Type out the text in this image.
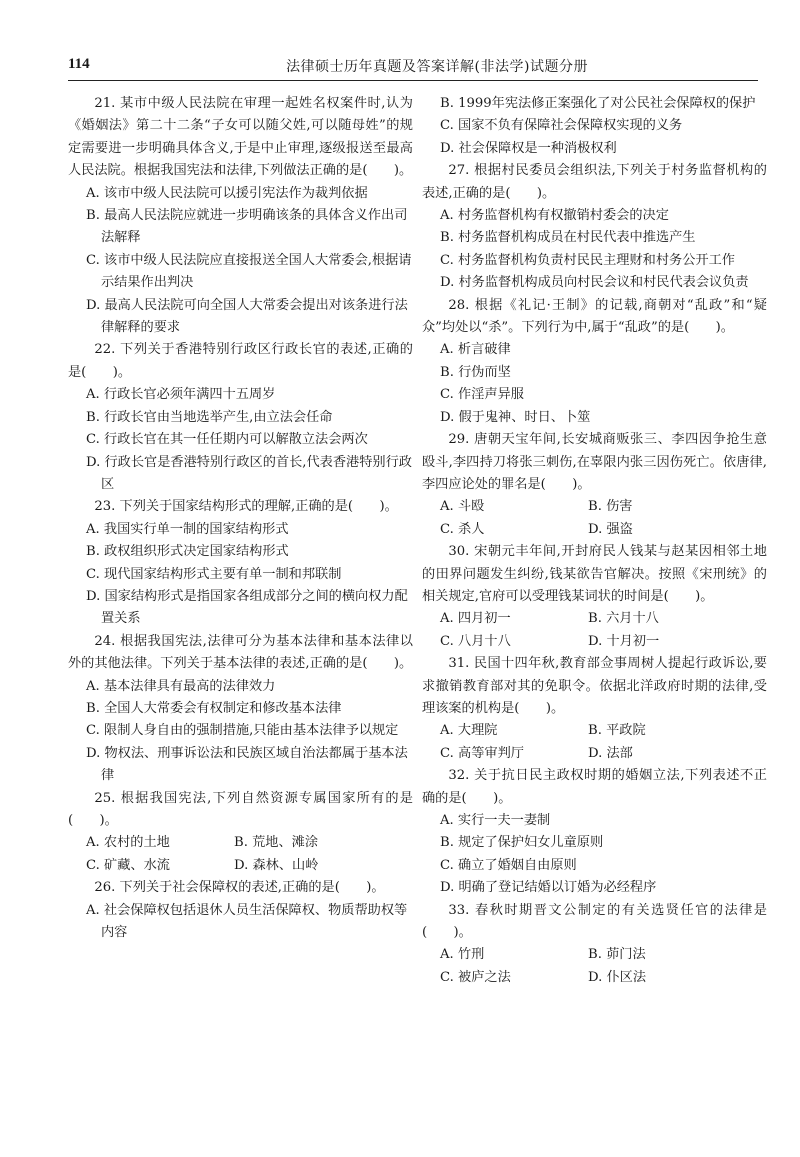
114	法律硕士历年真题及答案详解(非法学)试题分册

21. 某市中级人民法院在审理一起姓名权案件时,认为《婚姻法》第二十二条“子女可以随父姓,可以随母姓”的规定需要进一步明确具体含义,于是中止审理,逐级报送至最高人民法院。根据我国宪法和法律,下列做法正确的是(　　)。

A. 该市中级人民法院可以援引宪法作为裁判依据

B. 最高人民法院应就进一步明确该条的具体含义作出司法解释

C. 该市中级人民法院应直接报送全国人大常委会,根据请示结果作出判决

D. 最高人民法院可向全国人大常委会提出对该条进行法律解释的要求

22. 下列关于香港特别行政区行政长官的表述,正确的是(　　)。

A. 行政长官必须年满四十五周岁

B. 行政长官由当地选举产生,由立法会任命

C. 行政长官在其一任任期内可以解散立法会两次

D. 行政长官是香港特别行政区的首长,代表香港特别行政区

23. 下列关于国家结构形式的理解,正确的是(　　)。

A. 我国实行单一制的国家结构形式

B. 政权组织形式决定国家结构形式

C. 现代国家结构形式主要有单一制和邦联制

D. 国家结构形式是指国家各组成部分之间的横向权力配置关系

24. 根据我国宪法,法律可分为基本法律和基本法律以外的其他法律。下列关于基本法律的表述,正确的是(　　)。

A. 基本法律具有最高的法律效力

B. 全国人大常委会有权制定和修改基本法律

C. 限制人身自由的强制措施,只能由基本法律予以规定

D. 物权法、刑事诉讼法和民族区域自治法都属于基本法律

25. 根据我国宪法,下列自然资源专属国家所有的是(　　)。

A. 农村的土地	B. 荒地、滩涂

C. 矿藏、水流	D. 森林、山岭

26. 下列关于社会保障权的表述,正确的是(　　)。

A. 社会保障权包括退休人员生活保障权、物质帮助权等内容

B. 1999年宪法修正案强化了对公民社会保障权的保护

C. 国家不负有保障社会保障权实现的义务

D. 社会保障权是一种消极权利

27. 根据村民委员会组织法,下列关于村务监督机构的表述,正确的是(　　)。

A. 村务监督机构有权撤销村委会的决定

B. 村务监督机构成员在村民代表中推选产生

C. 村务监督机构负责村民民主理财和村务公开工作

D. 村务监督机构成员向村民会议和村民代表会议负责

28. 根据《礼记·王制》的记载,商朝对“乱政”和“疑众”均处以“杀”。下列行为中,属于“乱政”的是(　　)。

A. 析言破律

B. 行伪而坚

C. 作淫声异服

D. 假于鬼神、时日、卜筮

29. 唐朝天宝年间,长安城商贩张三、李四因争抢生意殴斗,李四持刀将张三刺伤,在辜限内张三因伤死亡。依唐律,李四应论处的罪名是(　　)。

A. 斗殴	B. 伤害

C. 杀人	D. 强盗

30. 宋朝元丰年间,开封府民人钱某与赵某因相邻土地的田界问题发生纠纷,钱某欲告官解决。按照《宋刑统》的相关规定,官府可以受理钱某词状的时间是(　　)。

A. 四月初一	B. 六月十八

C. 八月十八	D. 十月初一

31. 民国十四年秋,教育部佥事周树人提起行政诉讼,要求撤销教育部对其的免职令。依据北洋政府时期的法律,受理该案的机构是(　　)。

A. 大理院	B. 平政院

C. 高等审判厅	D. 法部

32. 关于抗日民主政权时期的婚姻立法,下列表述不正确的是(　　)。

A. 实行一夫一妻制

B. 规定了保护妇女儿童原则

C. 确立了婚姻自由原则

D. 明确了登记结婚以订婚为必经程序

33. 春秋时期晋文公制定的有关选贤任官的法律是(　　)。

A. 竹刑	B. 茆门法

C. 被庐之法	D. 仆区法
